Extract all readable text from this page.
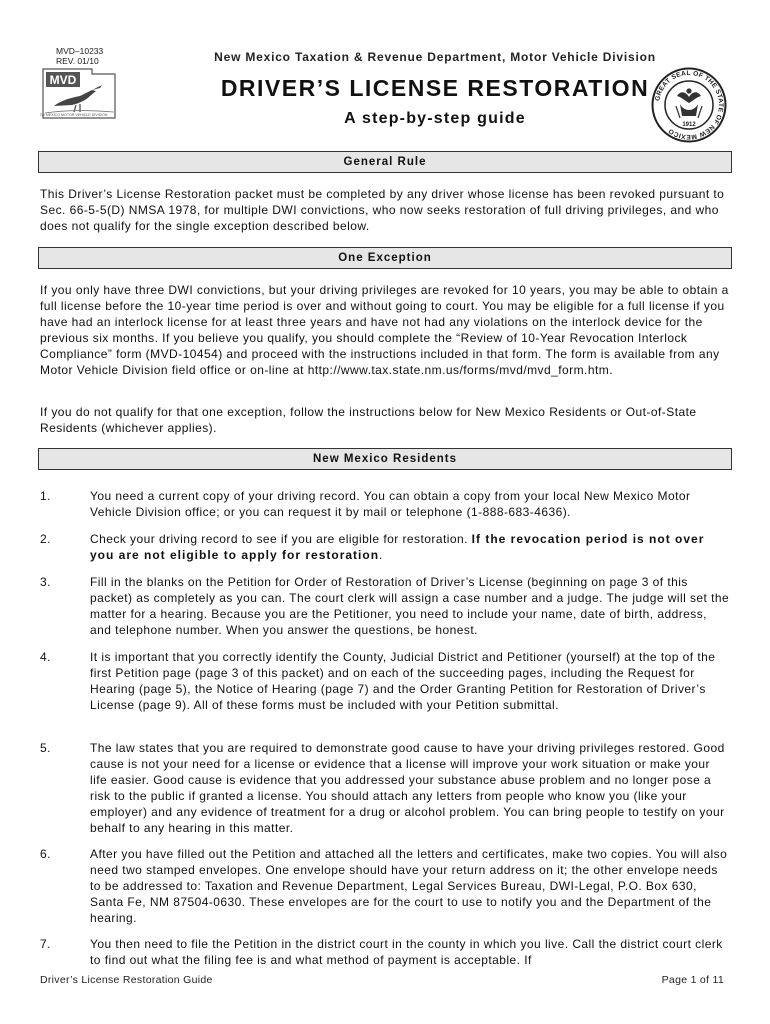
MVD–10233
REV. 01/10
MVD
NEW MEXICO MOTOR VEHICLE DIVISION
New Mexico Taxation & Revenue Department, Motor Vehicle Division
DRIVER’S LICENSE RESTORATION
A step-by-step guide
GREAT SEAL OF THE STATE OF NEW MEXICO
1912
General Rule
This Driver’s License Restoration packet must be completed by any driver whose license has been revoked pursuant to Sec. 66-5-5(D) NMSA 1978, for multiple DWI convictions, who now seeks restoration of full driving privileges, and who does not qualify for the single exception described below.
One Exception
If you only have three DWI convictions, but your driving privileges are revoked for 10 years, you may be able to obtain a full license before the 10-year time period is over and without going to court. You may be eligible for a full license if you have had an interlock license for at least three years and have not had any violations on the interlock device for the previous six months. If you believe you qualify, you should complete the “Review of 10-Year Revocation Interlock Compliance” form (MVD-10454) and proceed with the instructions included in that form. The form is available from any Motor Vehicle Division field office or on-line at http://www.tax.state.nm.us/forms/mvd/mvd_form.htm.
If you do not qualify for that one exception, follow the instructions below for New Mexico Residents or Out-of-State Residents (whichever applies).
New Mexico Residents
1.	You need a current copy of your driving record. You can obtain a copy from your local New Mexico Motor Vehicle Division office; or you can request it by mail or telephone (1-888-683-4636).
2.	Check your driving record to see if you are eligible for restoration. If the revocation period is not over you are not eligible to apply for restoration.
3.	Fill in the blanks on the Petition for Order of Restoration of Driver’s License (beginning on page 3 of this packet) as completely as you can. The court clerk will assign a case number and a judge. The judge will set the matter for a hearing. Because you are the Petitioner, you need to include your name, date of birth, address, and telephone number. When you answer the questions, be honest.
4.	It is important that you correctly identify the County, Judicial District and Petitioner (yourself) at the top of the first Petition page (page 3 of this packet) and on each of the succeeding pages, including the Request for Hearing (page 5), the Notice of Hearing (page 7) and the Order Granting Petition for Restoration of Driver’s License (page 9). All of these forms must be included with your Petition submittal.
5.	The law states that you are required to demonstrate good cause to have your driving privileges restored. Good cause is not your need for a license or evidence that a license will improve your work situation or make your life easier. Good cause is evidence that you addressed your substance abuse problem and no longer pose a risk to the public if granted a license. You should attach any letters from people who know you (like your employer) and any evidence of treatment for a drug or alcohol problem. You can bring people to testify on your behalf to any hearing in this matter.
6.	After you have filled out the Petition and attached all the letters and certificates, make two copies. You will also need two stamped envelopes. One envelope should have your return address on it; the other envelope needs to be addressed to: Taxation and Revenue Department, Legal Services Bureau, DWI-Legal, P.O. Box 630, Santa Fe, NM 87504-0630. These envelopes are for the court to use to notify you and the Department of the hearing.
7.	You then need to file the Petition in the district court in the county in which you live. Call the district court clerk to find out what the filing fee is and what method of payment is acceptable. If
Driver’s License Restoration Guide	Page 1 of 11
